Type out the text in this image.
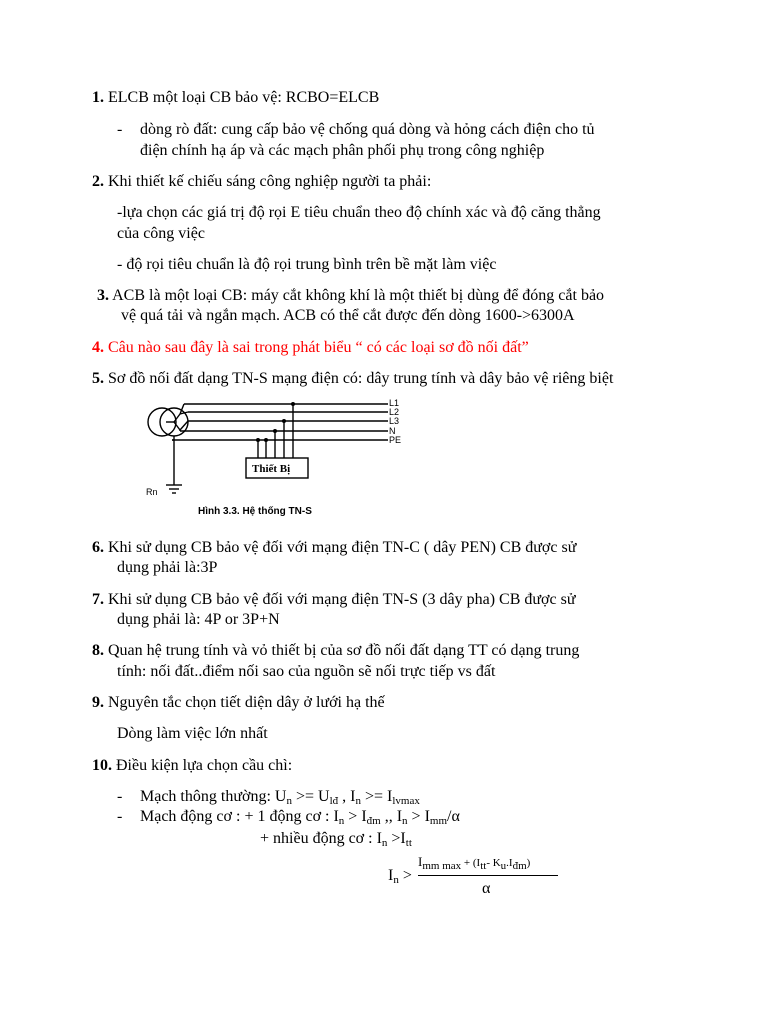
1. ELCB một loại CB bảo vệ: RCBO=ELCB
- dòng rò đất: cung cấp bảo vệ chống quá dòng và hỏng cách điện cho tủ
điện chính hạ áp và các mạch phân phối phụ trong công nghiệp
2. Khi thiết kế chiếu sáng công nghiệp người ta phải:
-lựa chọn các giá trị độ rọi E tiêu chuẩn theo độ chính xác và độ căng thẳng
của công việc
- độ rọi tiêu chuẩn là độ rọi trung bình trên bề mặt làm việc
3. ACB là một loại CB: máy cắt không khí là một thiết bị dùng để đóng cắt bảo
vệ quá tải và ngắn mạch. ACB có thể cắt được đến dòng 1600->6300A
4. Câu nào sau đây là sai trong phát biểu “ có các loại sơ đồ nối đất”
5. Sơ đồ nối đất dạng TN-S mạng điện có: dây trung tính và dây bảo vệ riêng biệt
L1
L2
L3
N
PE
Thiết Bị
Rn
Hình 3.3. Hệ thống TN-S
6. Khi sử dụng CB bảo vệ đối với mạng điện TN-C ( dây PEN) CB được sử
dụng phải là:3P
7. Khi sử dụng CB bảo vệ đối với mạng điện TN-S (3 dây pha) CB được sử
dụng phải là: 4P or 3P+N
8. Quan hệ trung tính và vỏ thiết bị của sơ đồ nối đất dạng TT có dạng trung
tính: nối đất..điểm nối sao của nguồn sẽ nối trực tiếp vs đất
9. Nguyên tắc chọn tiết diện dây ở lưới hạ thế
Dòng làm việc lớn nhất
10. Điều kiện lựa chọn cầu chì:
- Mạch thông thường: $U_n >= U_{lđ}$ , $I_n >= I_{lvmax}$
- Mạch động cơ : + 1 động cơ : $I_n > I_{đm}$ ,, $I_n > I_{mm}/\alpha$
+ nhiều động cơ : $I_n >I_{tt}$
$I_n$ >
$I_{mm max} + (I_{tt}-$ $K_u.I_{đm}$)
α
